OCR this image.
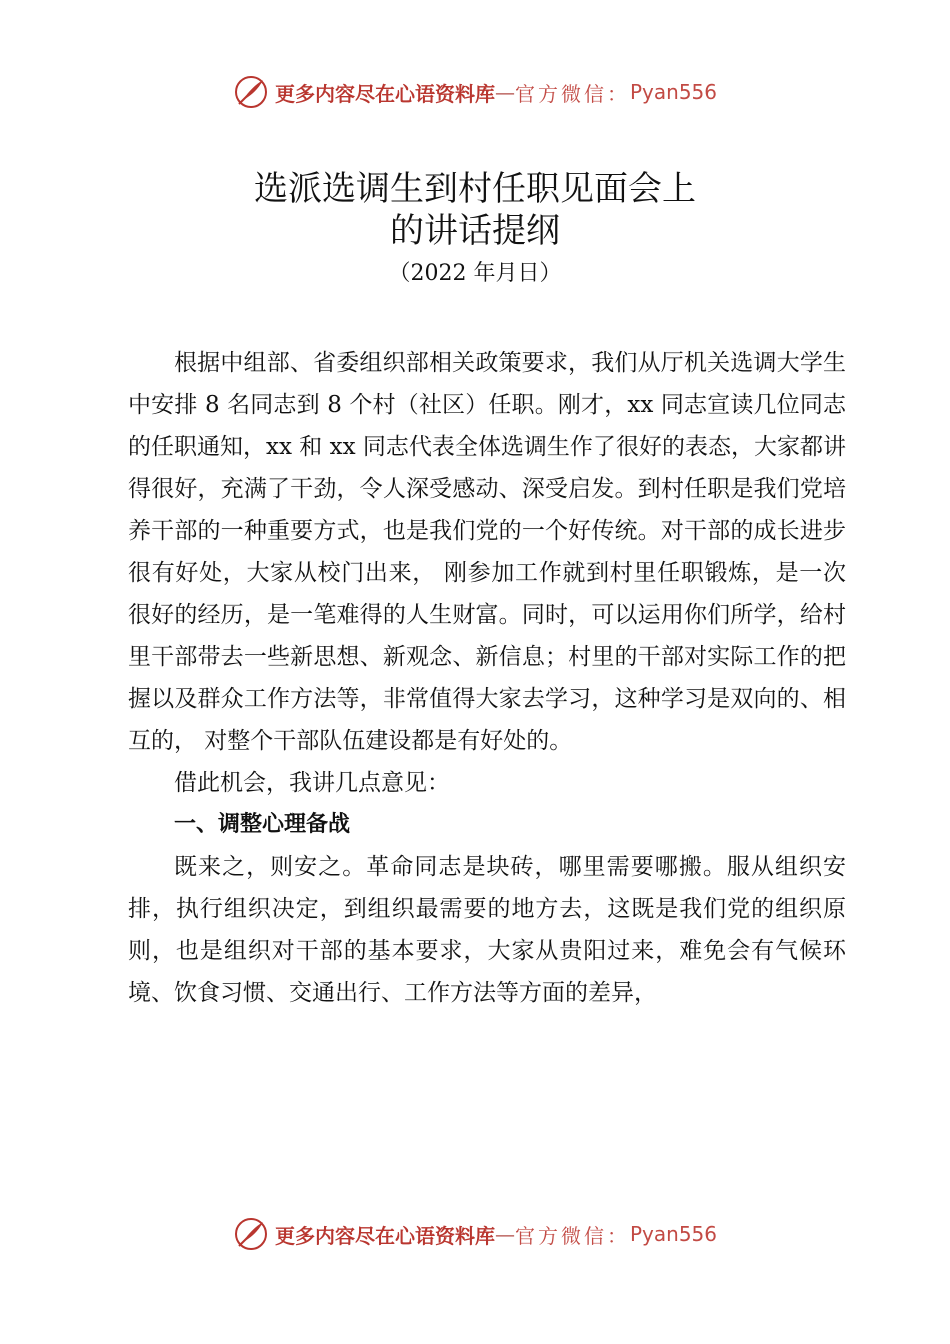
更多内容尽在心语资料库 — 官方微信： Pyan556
选派选调生到村任职见面会上
的讲话提纲
（2022 年月日）

根据中组部、省委组织部相关政策要求，我们从厅机关选调大学生中安排 8 名同志到 8 个村（社区）任职。刚才，xx 同志宣读几位同志的任职通知，xx 和 xx 同志代表全体选调生作了很好的表态，大家都讲得很好，充满了干劲，令人深受感动、深受启发。到村任职是我们党培养干部的一种重要方式，也是我们党的一个好传统。对干部的成长进步很有好处，大家从校门出来， 刚参加工作就到村里任职锻炼，是一次很好的经历，是一笔难得的人生财富。同时，可以运用你们所学，给村里干部带去一些新思想、新观念、新信息；村里的干部对实际工作的把握以及群众工作方法等，非常值得大家去学习，这种学习是双向的、相互的， 对整个干部队伍建设都是有好处的。

借此机会，我讲几点意见：

一、调整心理备战

既来之，则安之。革命同志是块砖，哪里需要哪搬。服从组织安排，执行组织决定，到组织最需要的地方去，这既是我们党的组织原则，也是组织对干部的基本要求，大家从贵阳过来，难免会有气候环境、饮食习惯、交通出行、工作方法等方面的差异，

更多内容尽在心语资料库 — 官方微信： Pyan556
